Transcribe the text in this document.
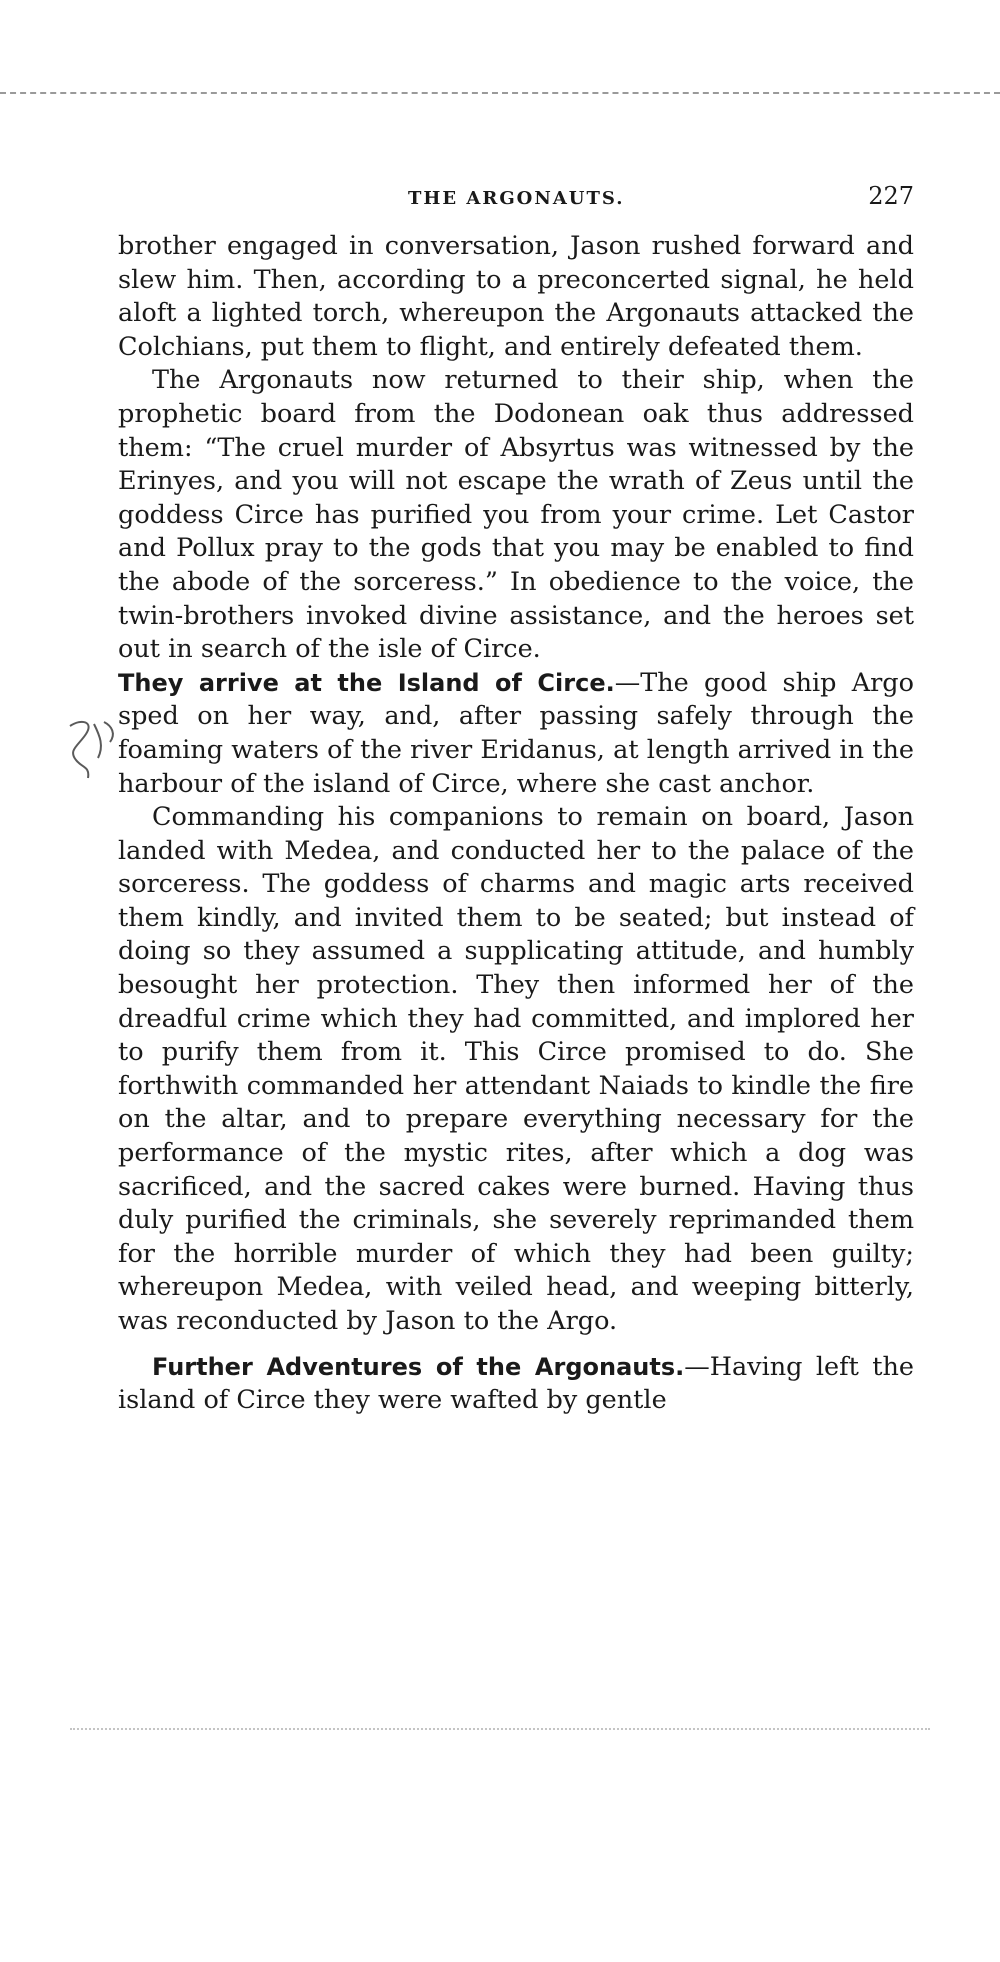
THE ARGONAUTS.	227

brother engaged in conversation, Jason rushed forward and slew him. Then, according to a preconcerted signal, he held aloft a lighted torch, whereupon the Argonauts attacked the Colchians, put them to flight, and entirely defeated them.

The Argonauts now returned to their ship, when the prophetic board from the Dodonean oak thus addressed them: “The cruel murder of Absyrtus was witnessed by the Erinyes, and you will not escape the wrath of Zeus until the goddess Circe has purified you from your crime. Let Castor and Pollux pray to the gods that you may be enabled to find the abode of the sorceress.” In obedience to the voice, the twin-brothers invoked divine assistance, and the heroes set out in search of the isle of Circe.

They arrive at the Island of Circe.—The good ship Argo sped on her way, and, after passing safely through the foaming waters of the river Eridanus, at length arrived in the harbour of the island of Circe, where she cast anchor.

Commanding his companions to remain on board, Jason landed with Medea, and conducted her to the palace of the sorceress. The goddess of charms and magic arts received them kindly, and invited them to be seated; but instead of doing so they assumed a supplicating attitude, and humbly besought her protection. They then informed her of the dreadful crime which they had committed, and implored her to purify them from it. This Circe promised to do. She forthwith commanded her attendant Naiads to kindle the fire on the altar, and to prepare everything necessary for the performance of the mystic rites, after which a dog was sacrificed, and the sacred cakes were burned. Having thus duly purified the criminals, she severely reprimanded them for the horrible murder of which they had been guilty; whereupon Medea, with veiled head, and weeping bitterly, was reconducted by Jason to the Argo.

Further Adventures of the Argonauts.—Having left the island of Circe they were wafted by gentle
